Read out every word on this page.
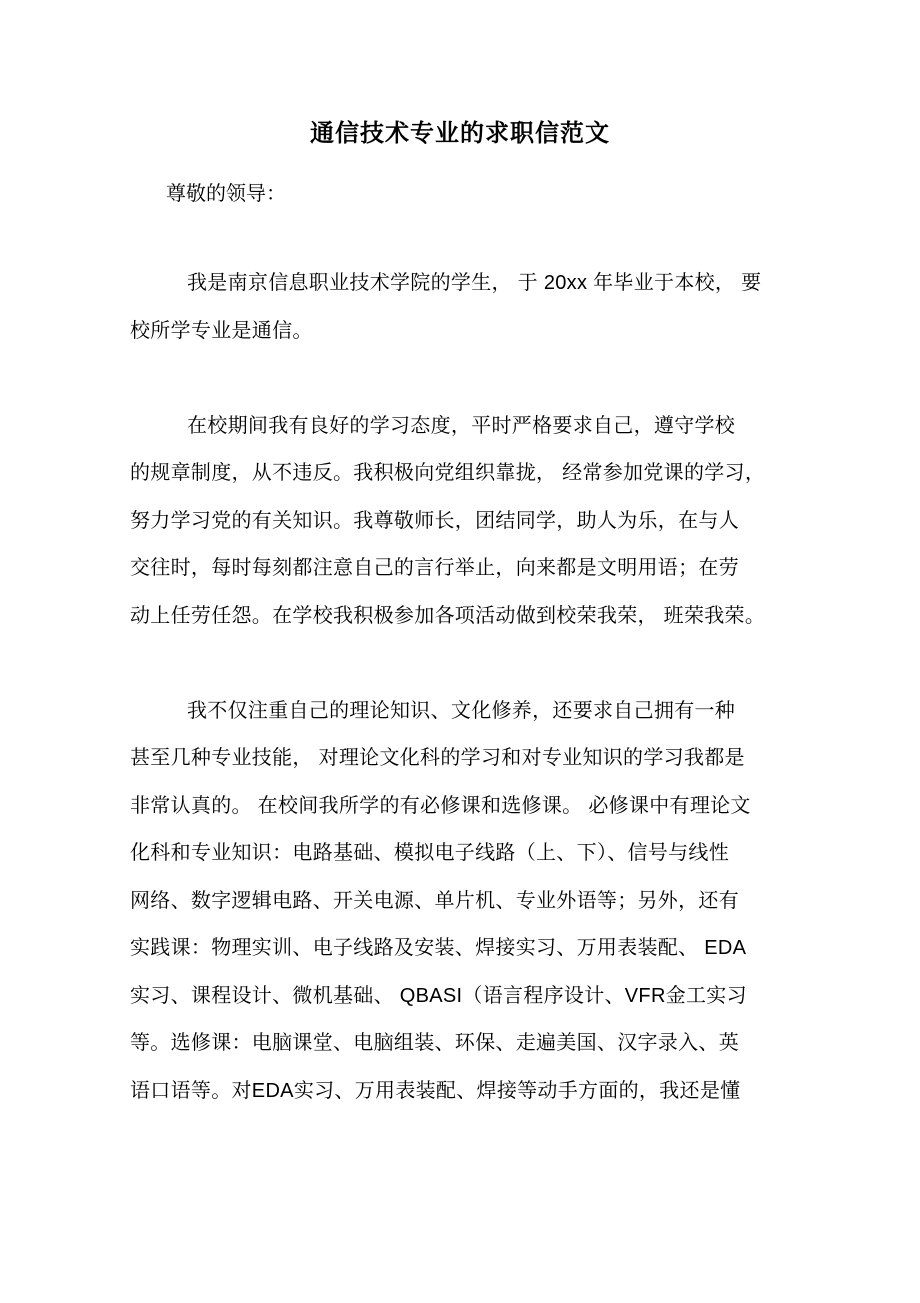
通信技术专业的求职信范文
尊敬的领导：
我是南京信息职业技术学院的学生， 于 20xx 年毕业于本校， 要
校所学专业是通信。
在校期间我有良好的学习态度，平时严格要求自己，遵守学校
的规章制度，从不违反。我积极向党组织靠拢， 经常参加党课的学习，
努力学习党的有关知识。我尊敬师长，团结同学，助人为乐，在与人
交往时，每时每刻都注意自己的言行举止，向来都是文明用语；在劳
动上任劳任怨。在学校我积极参加各项活动做到校荣我荣， 班荣我荣。
我不仅注重自己的理论知识、文化修养，还要求自己拥有一种
甚至几种专业技能， 对理论文化科的学习和对专业知识的学习我都是
非常认真的。 在校间我所学的有必修课和选修课。 必修课中有理论文
化科和专业知识：电路基础、模拟电子线路（上、下）、信号与线性
网络、数字逻辑电路、开关电源、单片机、专业外语等；另外，还有
实践课：物理实训、电子线路及安装、焊接实习、万用表装配、 EDA
实习、课程设计、微机基础、 QBASI（语言程序设计、VFR金工实习
等。选修课：电脑课堂、电脑组装、环保、走遍美国、汉字录入、英
语口语等。对EDA实习、万用表装配、焊接等动手方面的，我还是懂
